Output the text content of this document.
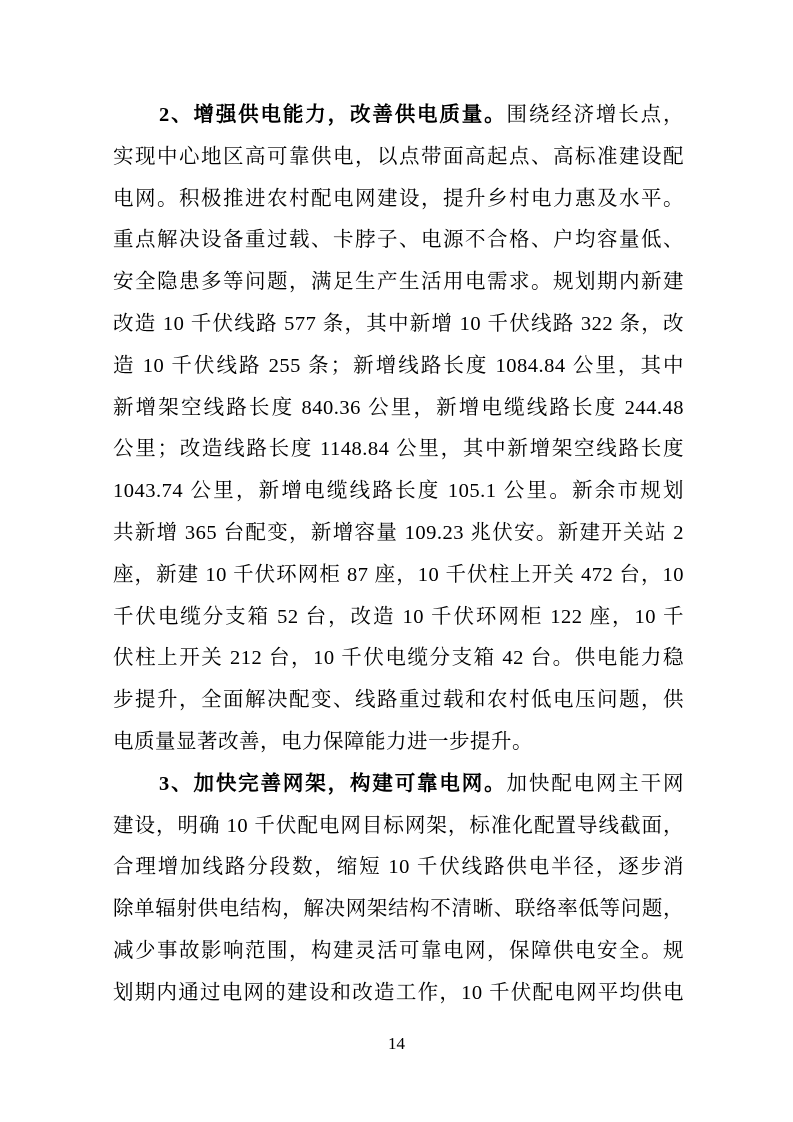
2、增强供电能力，改善供电质量。围绕经济增长点，
实现中心地区高可靠供电，以点带面高起点、高标准建设配
电网。积极推进农村配电网建设，提升乡村电力惠及水平。
重点解决设备重过载、卡脖子、电源不合格、户均容量低、
安全隐患多等问题，满足生产生活用电需求。规划期内新建
改造 10 千伏线路 577 条，其中新增 10 千伏线路 322 条，改
造 10 千伏线路 255 条；新增线路长度 1084.84 公里，其中
新增架空线路长度 840.36 公里，新增电缆线路长度 244.48
公里；改造线路长度 1148.84 公里，其中新增架空线路长度
1043.74 公里，新增电缆线路长度 105.1 公里。新余市规划
共新增 365 台配变，新增容量 109.23 兆伏安。新建开关站 2
座，新建 10 千伏环网柜 87 座，10 千伏柱上开关 472 台，10
千伏电缆分支箱 52 台，改造 10 千伏环网柜 122 座，10 千
伏柱上开关 212 台，10 千伏电缆分支箱 42 台。供电能力稳
步提升，全面解决配变、线路重过载和农村低电压问题，供
电质量显著改善，电力保障能力进一步提升。
3、加快完善网架，构建可靠电网。加快配电网主干网
建设，明确 10 千伏配电网目标网架，标准化配置导线截面，
合理增加线路分段数，缩短 10 千伏线路供电半径，逐步消
除单辐射供电结构，解决网架结构不清晰、联络率低等问题，
减少事故影响范围，构建灵活可靠电网，保障供电安全。规
划期内通过电网的建设和改造工作，10 千伏配电网平均供电
14
